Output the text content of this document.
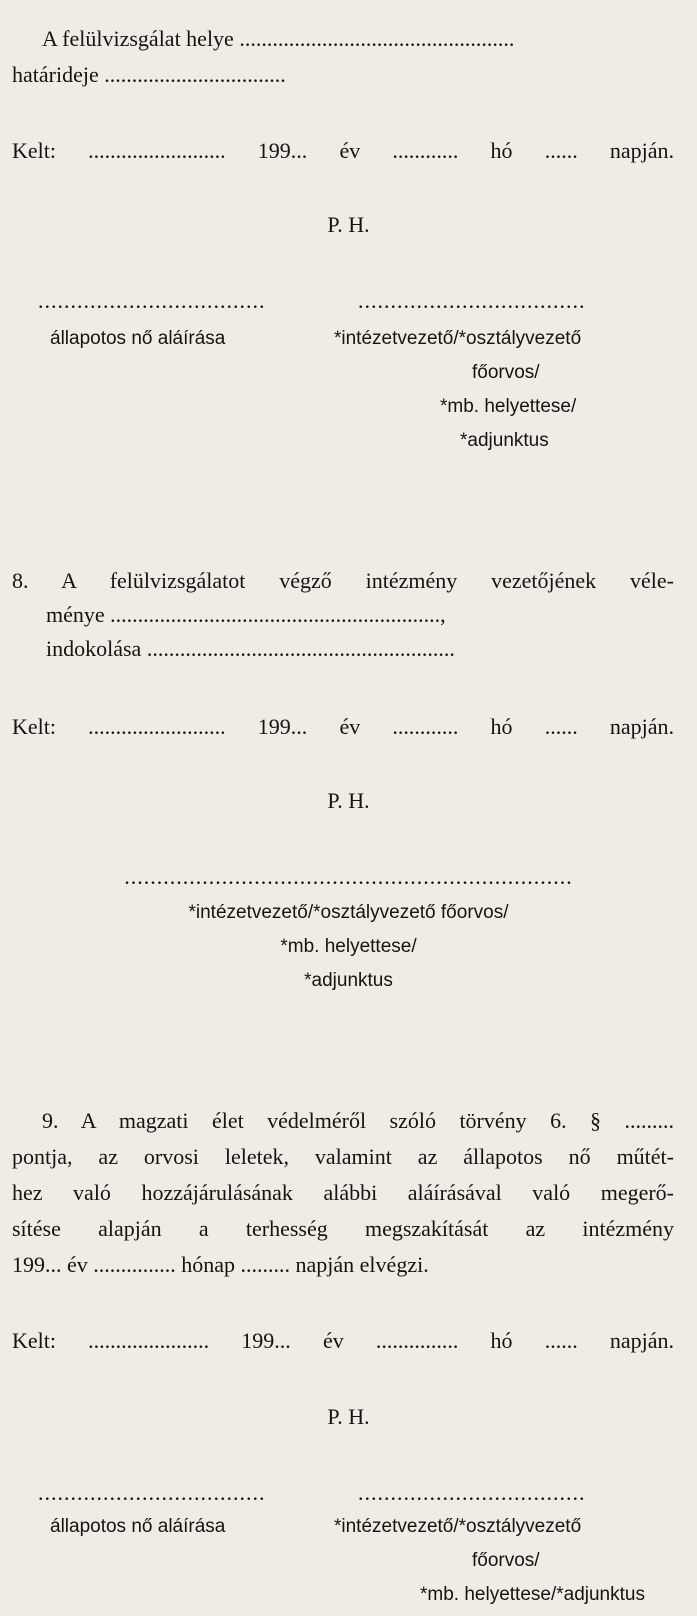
A felülvizsgálat helye ..................................................
határideje .................................
Kelt: ......................... 199... év ............ hó ...... napján.
P. H.
...................................	...................................
állapotos nő aláírása	*intézetvezető/*osztályvezető
főorvos/
*mb. helyettese/
*adjunktus
8. A felülvizsgálatot végző intézmény vezetőjének véle-
ménye ............................................................,
indokolása ........................................................
Kelt: ......................... 199... év ............ hó ...... napján.
P. H.
.....................................................................
*intézetvezető/*osztályvezető főorvos/
*mb. helyettese/
*adjunktus
9. A magzati élet védelméről szóló törvény 6. § .........
pontja, az orvosi leletek, valamint az állapotos nő műtét-
hez való hozzájárulásának alábbi aláírásával való megerő-
sítése alapján a terhesség megszakítását az intézmény
199... év ............... hónap ......... napján elvégzi.
Kelt: ...................... 199... év ............... hó ...... napján.
P. H.
...................................	...................................
állapotos nő aláírása	*intézetvezető/*osztályvezető
főorvos/
*mb. helyettese/*adjunktus
